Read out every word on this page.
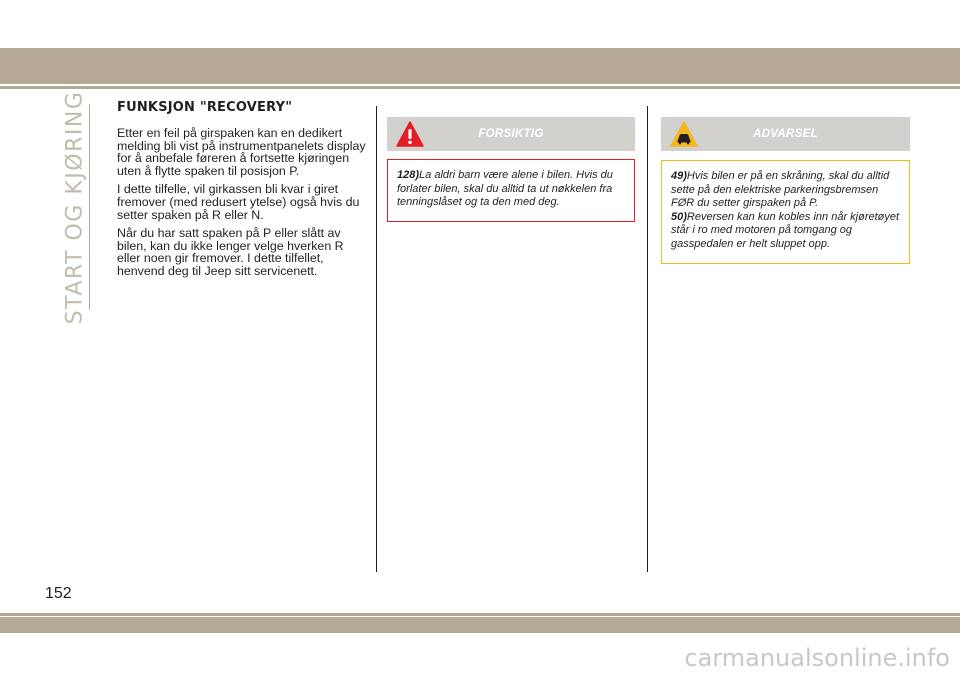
START OG KJØRING FUNKSJON "RECOVERY"

Etter en feil på girspaken kan en dedikert melding bli vist på instrumentpanelets display for å anbefale føreren å fortsette kjøringen uten å flytte spaken til posisjon P.

I dette tilfelle, vil girkassen bli kvar i giret fremover (med redusert ytelse) også hvis du setter spaken på R eller N.

Når du har satt spaken på P eller slått av bilen, kan du ikke lenger velge hverken R eller noen gir fremover. I dette tilfellet, henvend deg til Jeep sitt servicenett.

FORSIKTIG
128)La aldri barn være alene i bilen. Hvis du forlater bilen, skal du alltid ta ut nøkkelen fra tenningslåset og ta den med deg.
ADVARSEL
49)Hvis bilen er på en skråning, skal du alltid sette på den elektriske parkeringsbremsen FØR du setter girspaken på P.
50)Reversen kan kun kobles inn når kjøretøyet står i ro med motoren på tomgang og gasspedalen er helt sluppet opp.
152
carmanualsonline.info
